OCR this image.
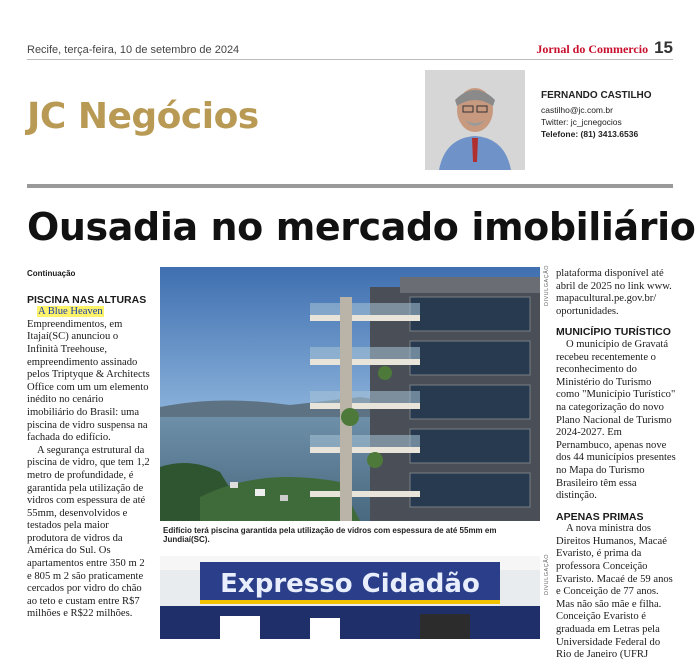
Recife, terça-feira, 10 de setembro de 2024	Jornal do Commercio 15
JC Negócios
FERNANDO CASTILHO
castilho@jc.com.br
Twitter: jc_jcnegocios
Telefone: (81) 3413.6536
Ousadia no mercado imobiliário
Continuação
PISCINA NAS ALTURAS
A Blue Heaven
Empreendimentos, em Itajaí(SC) anunciou o Infinità Treehouse, empreendimento assinado pelos Triptyque & Architects Office com um um elemento inédito no cenário imobiliário do Brasil: uma piscina de vidro suspensa na fachada do edifício.
A segurança estrutural da piscina de vidro, que tem 1,2 metro de profundidade, é garantida pela utilização de vidros com espessura de até 55mm, desenvolvidos e testados pela maior produtora de vidros da América do Sul. Os apartamentos entre 350 m 2 e 805 m 2 são praticamente cercados por vidro do chão ao teto e custam entre R$7 milhões e R$22 milhões.
DIVULGAÇÃO
Edifício terá piscina garantida pela utilização de vidros com espessura de até 55mm em Jundiaí(SC).
Expresso Cidadão	DIVULGAÇÃO
plataforma disponível até abril de 2025 no link www. mapacultural.pe.gov.br/ oportunidades.
MUNICÍPIO TURÍSTICO
O município de Gravatá recebeu recentemente o reconhecimento do Ministério do Turismo como "Município Turístico" na categorização do novo Plano Nacional de Turismo 2024-2027. Em Pernambuco, apenas nove dos 44 municípios presentes no Mapa do Turismo Brasileiro têm essa distinção.
APENAS PRIMAS
A nova ministra dos Direitos Humanos, Macaé Evaristo, é prima da professora Conceição Evaristo. Macaé de 59 anos e Conceição de 77 anos. Mas não são mãe e filha. Conceição Evaristo é graduada em Letras pela Universidade Federal do Rio de Janeiro (UFRJ
